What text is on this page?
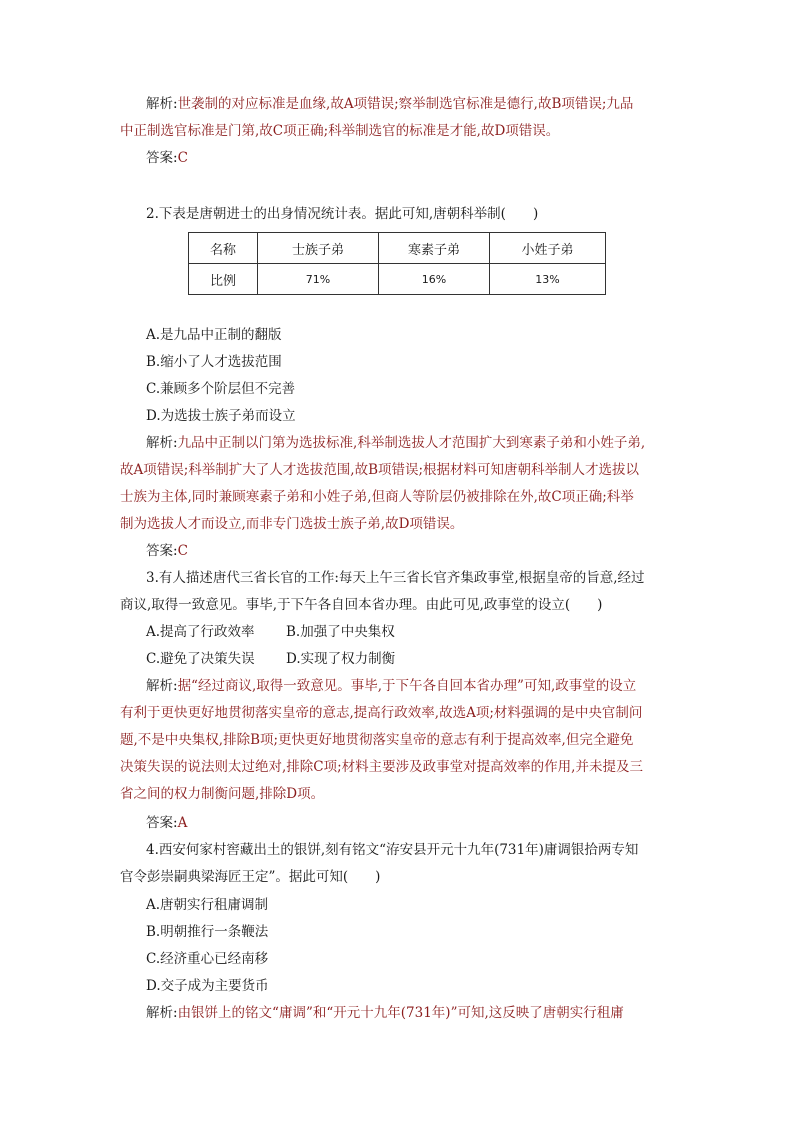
解析:世袭制的对应标准是血缘,故A项错误;察举制选官标准是德行,故B项错误;九品
中正制选官标准是门第,故C项正确;科举制选官的标准是才能,故D项错误。
答案:C
2.下表是唐朝进士的出身情况统计表。据此可知,唐朝科举制(　　)
名称	士族子弟	寒素子弟	小姓子弟
比例	71%	16%	13%
A.是九品中正制的翻版
B.缩小了人才选拔范围
C.兼顾多个阶层但不完善
D.为选拔士族子弟而设立
解析:九品中正制以门第为选拔标准,科举制选拔人才范围扩大到寒素子弟和小姓子弟,
故A项错误;科举制扩大了人才选拔范围,故B项错误;根据材料可知唐朝科举制人才选拔以
士族为主体,同时兼顾寒素子弟和小姓子弟,但商人等阶层仍被排除在外,故C项正确;科举
制为选拔人才而设立,而非专门选拔士族子弟,故D项错误。
答案:C
3.有人描述唐代三省长官的工作:每天上午三省长官齐集政事堂,根据皇帝的旨意,经过
商议,取得一致意见。事毕,于下午各自回本省办理。由此可见,政事堂的设立(　　)
A.提高了行政效率 B.加强了中央集权
C.避免了决策失误 D.实现了权力制衡
解析:据“经过商议,取得一致意见。事毕,于下午各自回本省办理”可知,政事堂的设立
有利于更快更好地贯彻落实皇帝的意志,提高行政效率,故选A项;材料强调的是中央官制问
题,不是中央集权,排除B项;更快更好地贯彻落实皇帝的意志有利于提高效率,但完全避免
决策失误的说法则太过绝对,排除C项;材料主要涉及政事堂对提高效率的作用,并未提及三
省之间的权力制衡问题,排除D项。
答案:A
4.西安何家村窖藏出土的银饼,刻有铭文“洊安县开元十九年(731年)庸调银拾两专知
官令彭崇嗣典梁海匠王定”。据此可知(　　)
A.唐朝实行租庸调制
B.明朝推行一条鞭法
C.经济重心已经南移
D.交子成为主要货币
解析:由银饼上的铭文“庸调”和“开元十九年(731年)”可知,这反映了唐朝实行租庸
